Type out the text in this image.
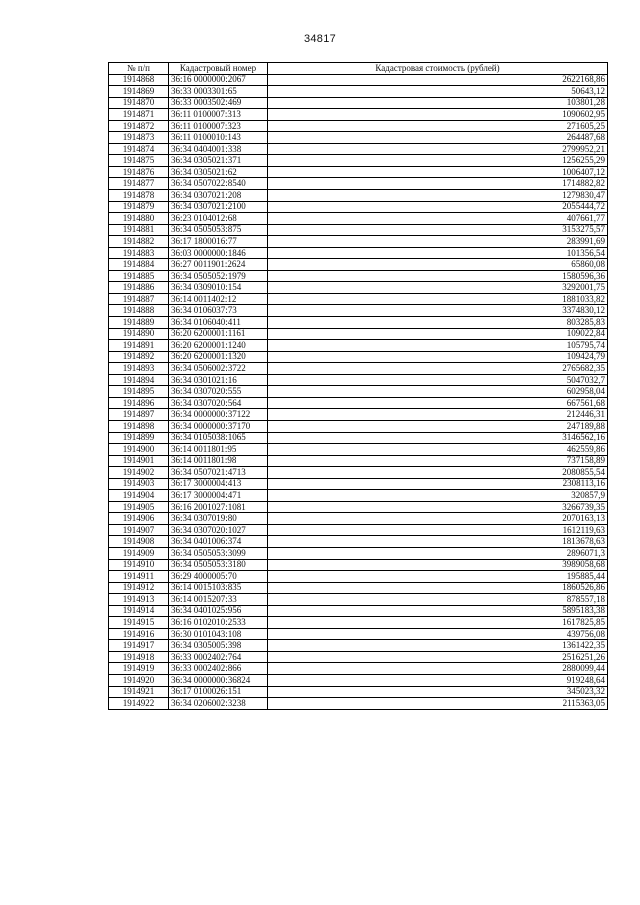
34817
№ п/п	Кадастровый номер	Кадастровая стоимость (рублей)
1914868	36:16 0000000:2067	2622168,86
1914869	36:33 0003301:65	50643,12
1914870	36:33 0003502:469	103801,28
1914871	36:11 0100007:313	1090602,95
1914872	36:11 0100007:323	271605,25
1914873	36:11 0100010:143	264487,68
1914874	36:34 0404001:338	2799952,21
1914875	36:34 0305021:371	1256255,29
1914876	36:34 0305021:62	1006407,12
1914877	36:34 0507022:8540	1714882,82
1914878	36:34 0307021:208	1279830,47
1914879	36:34 0307021:2100	2055444,72
1914880	36:23 0104012:68	407661,77
1914881	36:34 0505053:875	3153275,57
1914882	36:17 1800016:77	283991,69
1914883	36:03 0000000:1846	101356,54
1914884	36:27 0011901:2624	65860,08
1914885	36:34 0505052:1979	1580596,36
1914886	36:34 0309010:154	3292001,75
1914887	36:14 0011402:12	1881033,82
1914888	36:34 0106037:73	3374830,12
1914889	36:34 0106040:411	803285,83
1914890	36:20 6200001:1161	109022,84
1914891	36:20 6200001:1240	105795,74
1914892	36:20 6200001:1320	109424,79
1914893	36:34 0506002:3722	2765682,35
1914894	36:34 0301021:16	5047032,7
1914895	36:34 0307020:555	602958,04
1914896	36:34 0307020:564	667561,68
1914897	36:34 0000000:37122	212446,31
1914898	36:34 0000000:37170	247189,88
1914899	36:34 0105038:1065	3146562,16
1914900	36:14 0011801:95	462559,86
1914901	36:14 0011801:98	737158,89
1914902	36:34 0507021:4713	2080855,54
1914903	36:17 3000004:413	2308113,16
1914904	36:17 3000004:471	320857,9
1914905	36:16 2001027:1081	3266739,35
1914906	36:34 0307019:80	2070163,13
1914907	36:34 0307020:1027	1612119,63
1914908	36:34 0401006:374	1813678,63
1914909	36:34 0505053:3099	2896071,3
1914910	36:34 0505053:3180	3989058,68
1914911	36:29 4000005:70	195885,44
1914912	36:14 0015103:835	1860526,86
1914913	36:14 0015207:33	878557,18
1914914	36:34 0401025:956	5895183,38
1914915	36:16 0102010:2533	1617825,85
1914916	36:30 0101043:108	439756,08
1914917	36:34 0305005:398	1361422,35
1914918	36:33 0002402:764	2516251,26
1914919	36:33 0002402:866	2880099,44
1914920	36:34 0000000:36824	919248,64
1914921	36:17 0100026:151	345023,32
1914922	36:34 0206002:3238	2115363,05
